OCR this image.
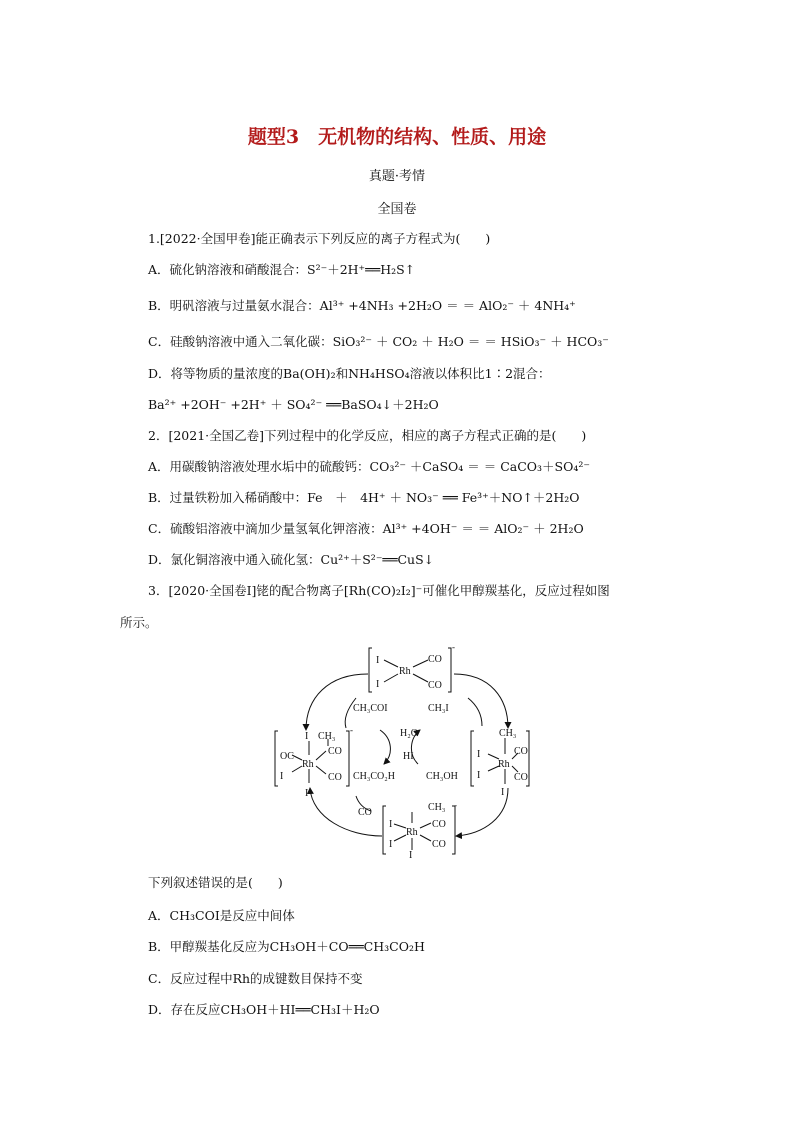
题型3　无机物的结构、性质、用途
真题·考情
全国卷
1.[2022·全国甲卷]能正确表示下列反应的离子方程式为(　　)
A．硫化钠溶液和硝酸混合：S²⁻＋2H⁺══H₂S↑
B．明矾溶液与过量氨水混合：Al³⁺ +4NH₃ +2H₂O ＝ ＝ AlO₂⁻ ＋ 4NH₄⁺
C．硅酸钠溶液中通入二氧化碳：SiO₃²⁻ ＋ CO₂ ＋ H₂O ＝ ＝ HSiO₃⁻ ＋ HCO₃⁻
D．将等物质的量浓度的Ba(OH)₂和NH₄HSO₄溶液以体积比1∶2混合：
Ba²⁺ +2OH⁻ +2H⁺ ＋ SO₄²⁻ ══BaSO₄↓＋2H₂O
2．[2021·全国乙卷]下列过程中的化学反应，相应的离子方程式正确的是(　　)
A．用碳酸钠溶液处理水垢中的硫酸钙：CO₃²⁻ ＋CaSO₄ ＝ ＝ CaCO₃＋SO₄²⁻
B．过量铁粉加入稀硝酸中：Fe　＋　4H⁺ ＋ NO₃⁻ ══ Fe³⁺＋NO↑＋2H₂O
C．硫酸铝溶液中滴加少量氢氧化钾溶液：Al³⁺ +4OH⁻ ＝ ＝ AlO₂⁻ ＋ 2H₂O
D．氯化铜溶液中通入硫化氢：Cu²⁺＋S²⁻══CuS↓
3．[2020·全国卷Ⅰ]铑的配合物离子[Rh(CO)₂I₂]⁻可催化甲醇羰基化，反应过程如图
所示。
I
I
Rh
CO
CO
-
I
OC
I
Rh
CH₃
CO
CO
I
-	CH₃
I
I
Rh
CO
CO
I
-
CO	CH₃
I
I
Rh
CO
CO
I
-
CH₃COI	CH₃I
H₂O
HI
CH₃CO₂H	CH₃OH
下列叙述错误的是(　　)
A．CH₃COI是反应中间体
B．甲醇羰基化反应为CH₃OH＋CO══CH₃CO₂H
C．反应过程中Rh的成键数目保持不变
D．存在反应CH₃OH＋HI══CH₃I＋H₂O
